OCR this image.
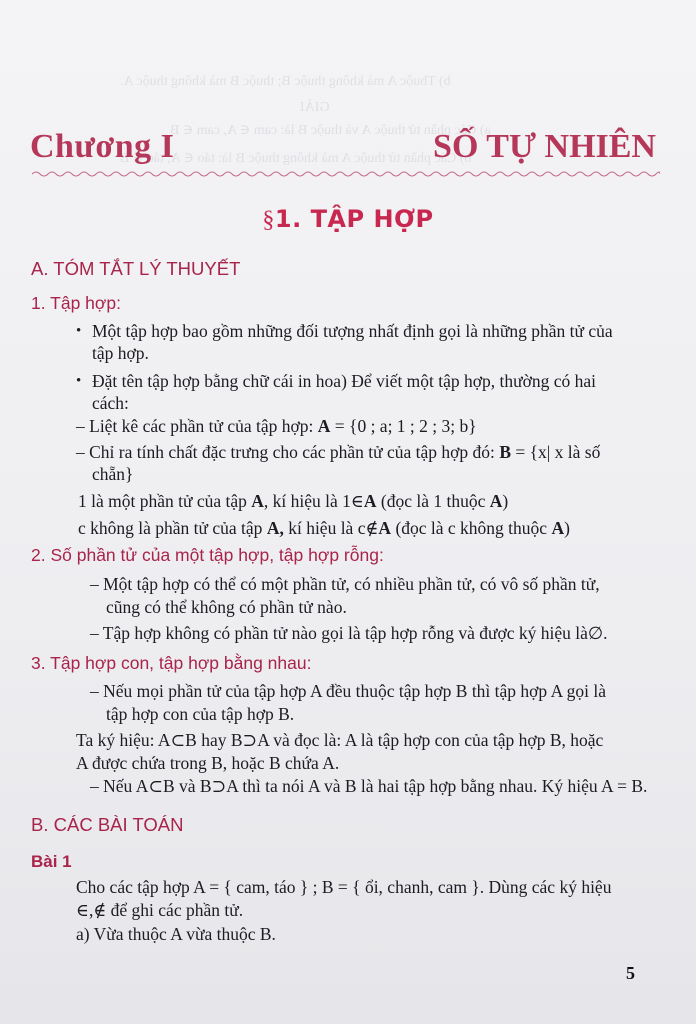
b) Thuộc A mà không thuộc B; thuộc B mà không thuộc A.
GIẢI
a) Các phần tử thuộc A và thuộc B là: cam ∈ A, cam ∈ B
b) Các phần tử thuộc A mà không thuộc B là: táo ∈ A, táo ∉ B
Chương I	SỐ TỰ NHIÊN
§1. TẬP HỢP
A. TÓM TẮT LÝ THUYẾT
1. Tập hợp:
• Một tập hợp bao gồm những đối tượng nhất định gọi là những phần tử của
tập hợp.
• Đặt tên tập hợp bằng chữ cái in hoa) Để viết một tập hợp, thường có hai
cách:
– Liệt kê các phần tử của tập hợp: A = {0 ; a; 1 ; 2 ; 3; b}
– Chỉ ra tính chất đặc trưng cho các phần tử của tập hợp đó: B = {x| x là số
chẵn}
1 là một phần tử của tập A, kí hiệu là 1∈A (đọc là 1 thuộc A)
c không là phần tử của tập A, kí hiệu là c∉A (đọc là c không thuộc A)
2. Số phần tử của một tập hợp, tập hợp rỗng:
– Một tập hợp có thể có một phần tử, có nhiều phần tử, có vô số phần tử,
cũng có thể không có phần tử nào.
– Tập hợp không có phần tử nào gọi là tập hợp rỗng và được ký hiệu là∅.
3. Tập hợp con, tập hợp bằng nhau:
– Nếu mọi phần tử của tập hợp A đều thuộc tập hợp B thì tập hợp A gọi là
tập hợp con của tập hợp B.
Ta ký hiệu: A⊂B hay B⊃A và đọc là: A là tập hợp con của tập hợp B, hoặc
A được chứa trong B, hoặc B chứa A.
– Nếu A⊂B và B⊃A thì ta nói A và B là hai tập hợp bằng nhau. Ký hiệu A = B.
B. CÁC BÀI TOÁN
Bài 1
Cho các tập hợp A = { cam, táo } ; B = { ổi, chanh, cam }. Dùng các ký hiệu
∈,∉ để ghi các phần tử.
a) Vừa thuộc A vừa thuộc B.
5
